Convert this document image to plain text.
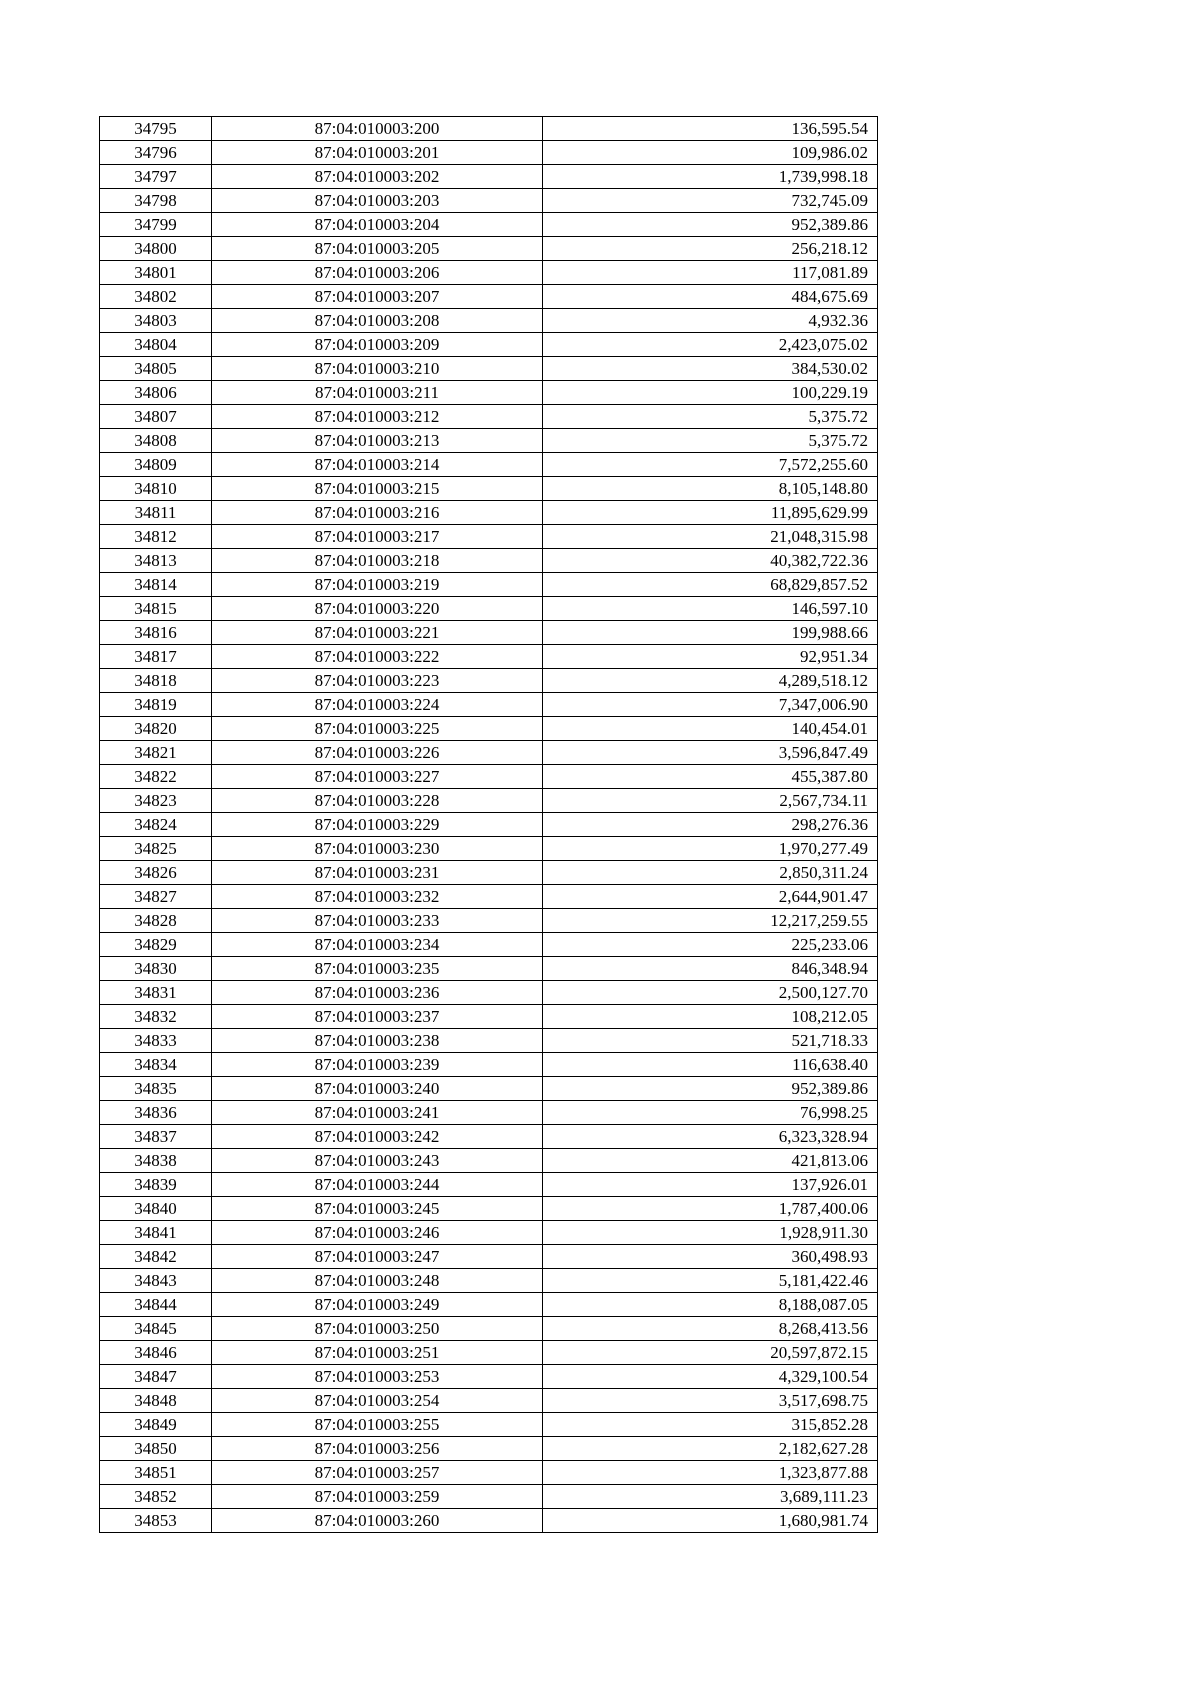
34795	87:04:010003:200	136,595.54
34796	87:04:010003:201	109,986.02
34797	87:04:010003:202	1,739,998.18
34798	87:04:010003:203	732,745.09
34799	87:04:010003:204	952,389.86
34800	87:04:010003:205	256,218.12
34801	87:04:010003:206	117,081.89
34802	87:04:010003:207	484,675.69
34803	87:04:010003:208	4,932.36
34804	87:04:010003:209	2,423,075.02
34805	87:04:010003:210	384,530.02
34806	87:04:010003:211	100,229.19
34807	87:04:010003:212	5,375.72
34808	87:04:010003:213	5,375.72
34809	87:04:010003:214	7,572,255.60
34810	87:04:010003:215	8,105,148.80
34811	87:04:010003:216	11,895,629.99
34812	87:04:010003:217	21,048,315.98
34813	87:04:010003:218	40,382,722.36
34814	87:04:010003:219	68,829,857.52
34815	87:04:010003:220	146,597.10
34816	87:04:010003:221	199,988.66
34817	87:04:010003:222	92,951.34
34818	87:04:010003:223	4,289,518.12
34819	87:04:010003:224	7,347,006.90
34820	87:04:010003:225	140,454.01
34821	87:04:010003:226	3,596,847.49
34822	87:04:010003:227	455,387.80
34823	87:04:010003:228	2,567,734.11
34824	87:04:010003:229	298,276.36
34825	87:04:010003:230	1,970,277.49
34826	87:04:010003:231	2,850,311.24
34827	87:04:010003:232	2,644,901.47
34828	87:04:010003:233	12,217,259.55
34829	87:04:010003:234	225,233.06
34830	87:04:010003:235	846,348.94
34831	87:04:010003:236	2,500,127.70
34832	87:04:010003:237	108,212.05
34833	87:04:010003:238	521,718.33
34834	87:04:010003:239	116,638.40
34835	87:04:010003:240	952,389.86
34836	87:04:010003:241	76,998.25
34837	87:04:010003:242	6,323,328.94
34838	87:04:010003:243	421,813.06
34839	87:04:010003:244	137,926.01
34840	87:04:010003:245	1,787,400.06
34841	87:04:010003:246	1,928,911.30
34842	87:04:010003:247	360,498.93
34843	87:04:010003:248	5,181,422.46
34844	87:04:010003:249	8,188,087.05
34845	87:04:010003:250	8,268,413.56
34846	87:04:010003:251	20,597,872.15
34847	87:04:010003:253	4,329,100.54
34848	87:04:010003:254	3,517,698.75
34849	87:04:010003:255	315,852.28
34850	87:04:010003:256	2,182,627.28
34851	87:04:010003:257	1,323,877.88
34852	87:04:010003:259	3,689,111.23
34853	87:04:010003:260	1,680,981.74
